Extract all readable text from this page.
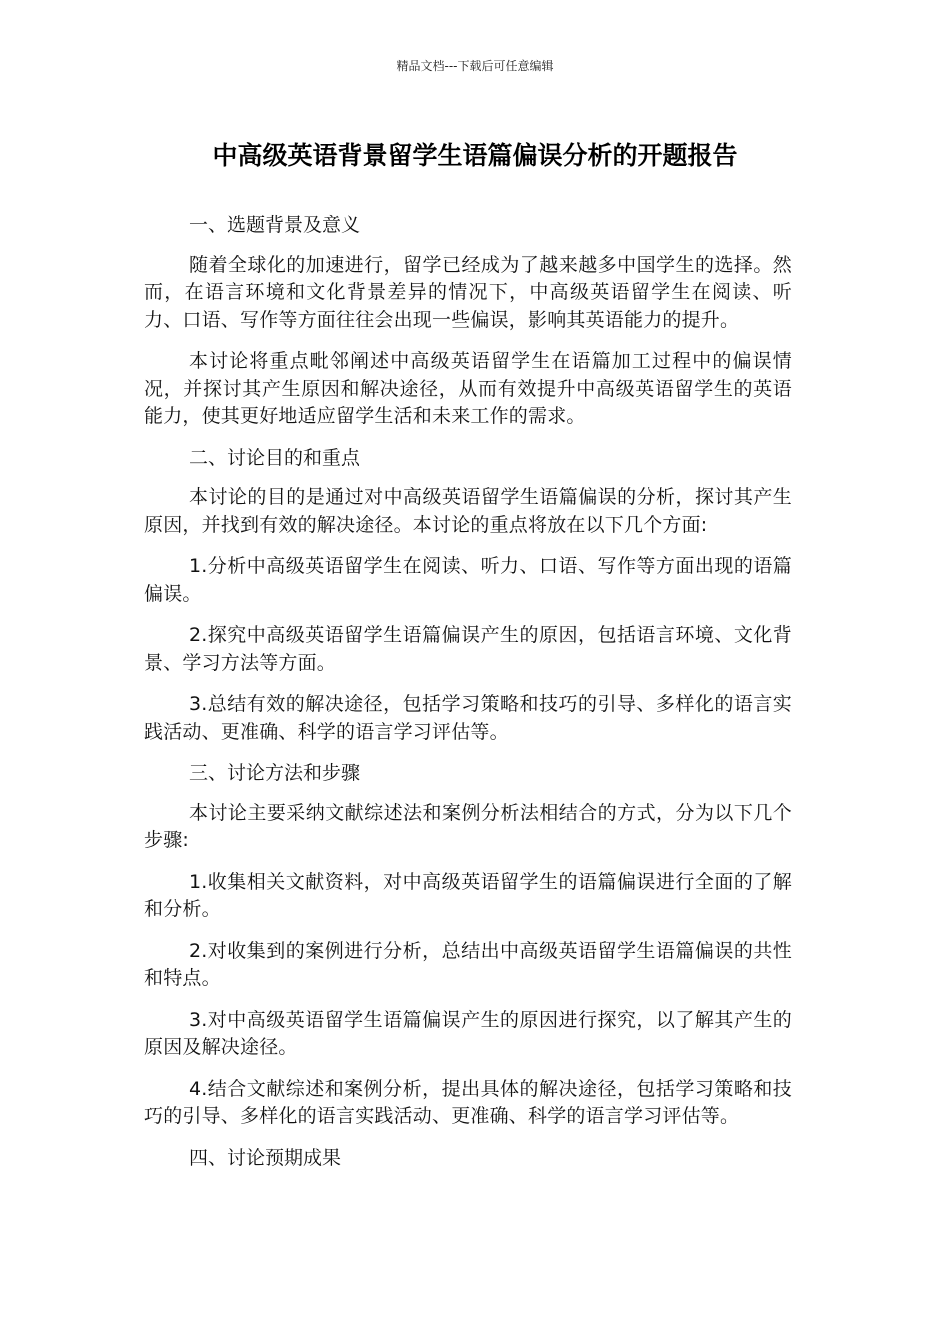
精品文档---下载后可任意编辑
中高级英语背景留学生语篇偏误分析的开题报告

一、选题背景及意义

随着全球化的加速进行，留学已经成为了越来越多中国学生的选择。然而，在语言环境和文化背景差异的情况下，中高级英语留学生在阅读、听力、口语、写作等方面往往会出现一些偏误，影响其英语能力的提升。

本讨论将重点毗邻阐述中高级英语留学生在语篇加工过程中的偏误情况，并探讨其产生原因和解决途径，从而有效提升中高级英语留学生的英语能力，使其更好地适应留学生活和未来工作的需求。

二、讨论目的和重点

本讨论的目的是通过对中高级英语留学生语篇偏误的分析，探讨其产生原因，并找到有效的解决途径。本讨论的重点将放在以下几个方面:

1.分析中高级英语留学生在阅读、听力、口语、写作等方面出现的语篇偏误。

2.探究中高级英语留学生语篇偏误产生的原因，包括语言环境、文化背景、学习方法等方面。

3.总结有效的解决途径，包括学习策略和技巧的引导、多样化的语言实践活动、更准确、科学的语言学习评估等。

三、讨论方法和步骤

本讨论主要采纳文献综述法和案例分析法相结合的方式，分为以下几个步骤:

1.收集相关文献资料，对中高级英语留学生的语篇偏误进行全面的了解和分析。

2.对收集到的案例进行分析，总结出中高级英语留学生语篇偏误的共性和特点。

3.对中高级英语留学生语篇偏误产生的原因进行探究，以了解其产生的原因及解决途径。

4.结合文献综述和案例分析，提出具体的解决途径，包括学习策略和技巧的引导、多样化的语言实践活动、更准确、科学的语言学习评估等。

四、讨论预期成果
